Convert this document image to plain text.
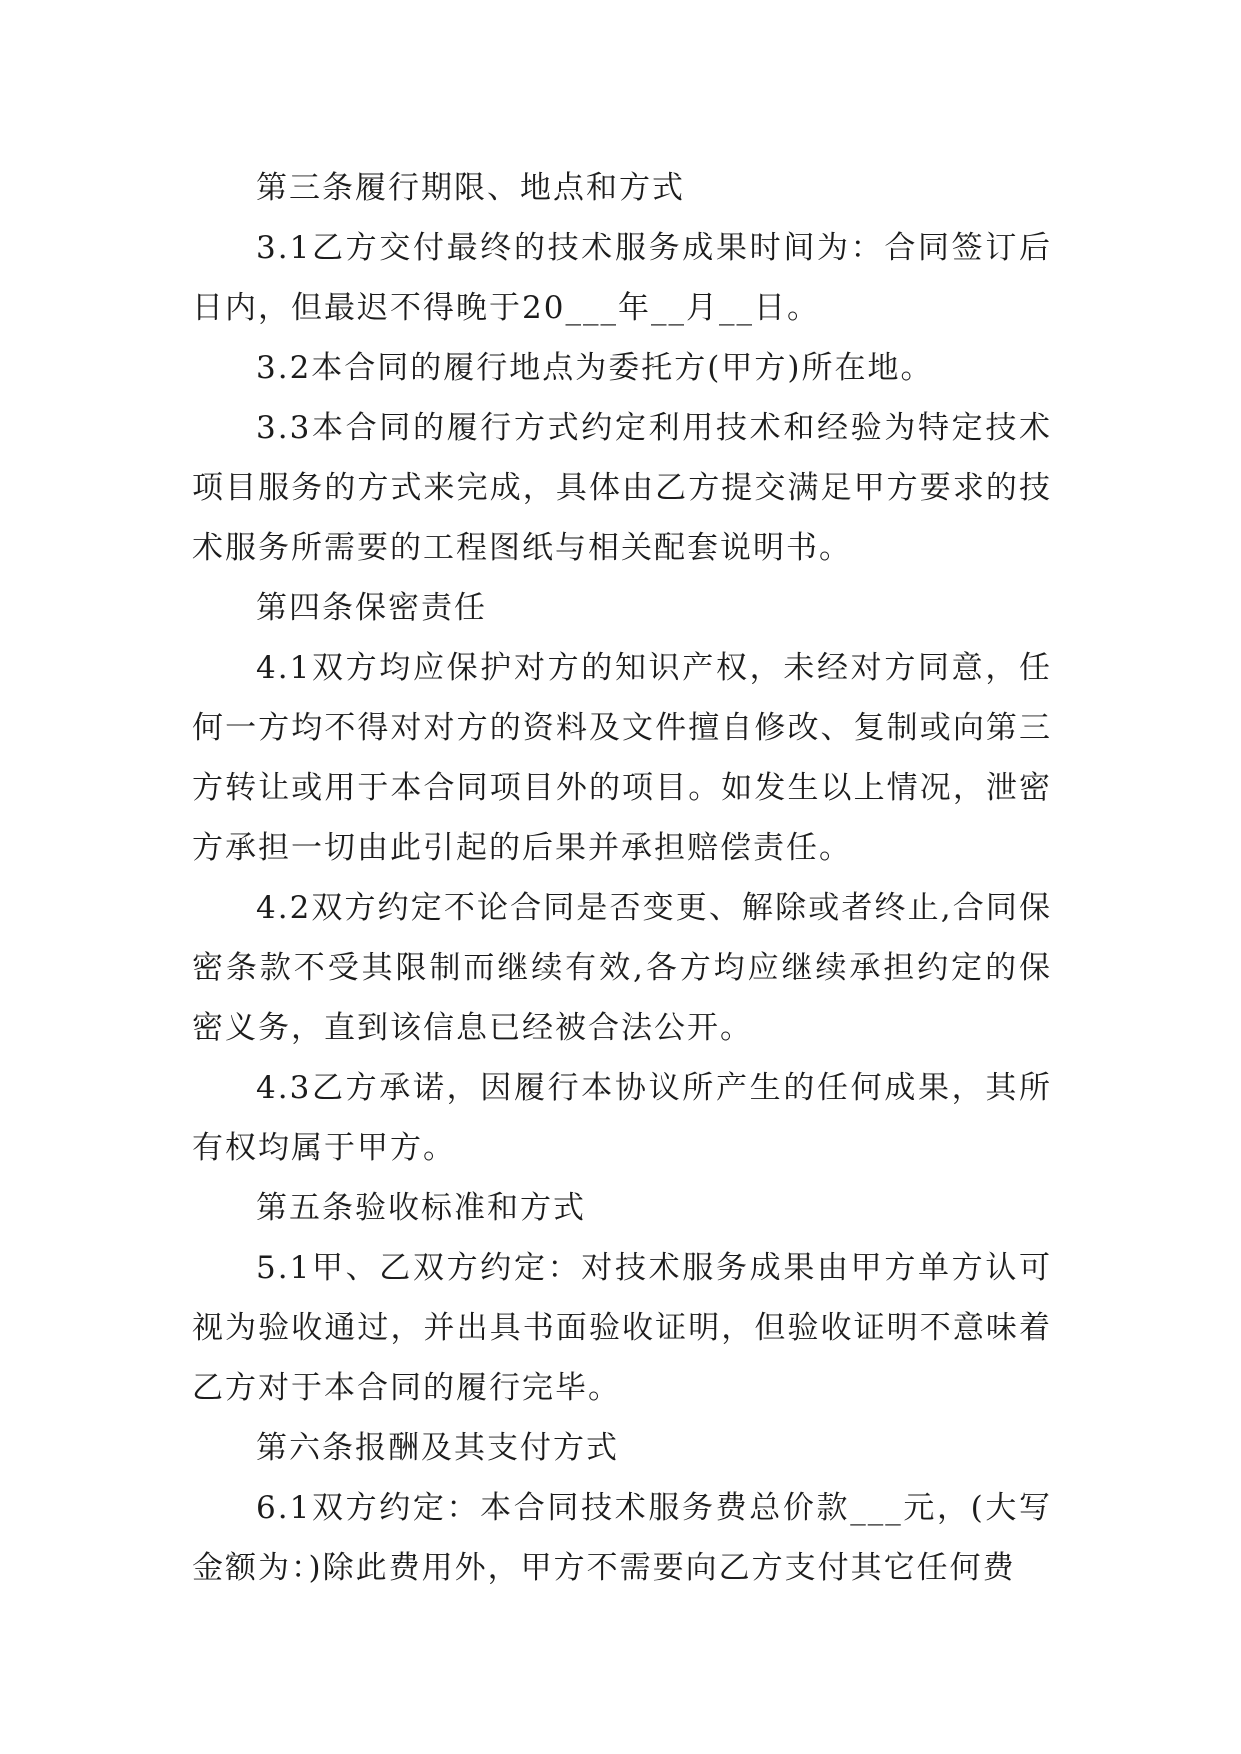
第三条履行期限、地点和方式

3.1乙方交付最终的技术服务成果时间为：合同签订后日内，但最迟不得晚于20___年__月__日。

3.2本合同的履行地点为委托方(甲方)所在地。

3.3本合同的履行方式约定利用技术和经验为特定技术项目服务的方式来完成，具体由乙方提交满足甲方要求的技术服务所需要的工程图纸与相关配套说明书。

第四条保密责任

4.1双方均应保护对方的知识产权，未经对方同意，任何一方均不得对对方的资料及文件擅自修改、复制或向第三方转让或用于本合同项目外的项目。如发生以上情况，泄密方承担一切由此引起的后果并承担赔偿责任。

4.2双方约定不论合同是否变更、解除或者终止,合同保密条款不受其限制而继续有效,各方均应继续承担约定的保密义务，直到该信息已经被合法公开。

4.3乙方承诺，因履行本协议所产生的任何成果，其所有权均属于甲方。

第五条验收标准和方式

5.1甲、乙双方约定：对技术服务成果由甲方单方认可视为验收通过，并出具书面验收证明，但验收证明不意味着乙方对于本合同的履行完毕。

第六条报酬及其支付方式

6.1双方约定：本合同技术服务费总价款___元，(大写金额为：)除此费用外，甲方不需要向乙方支付其它任何费
